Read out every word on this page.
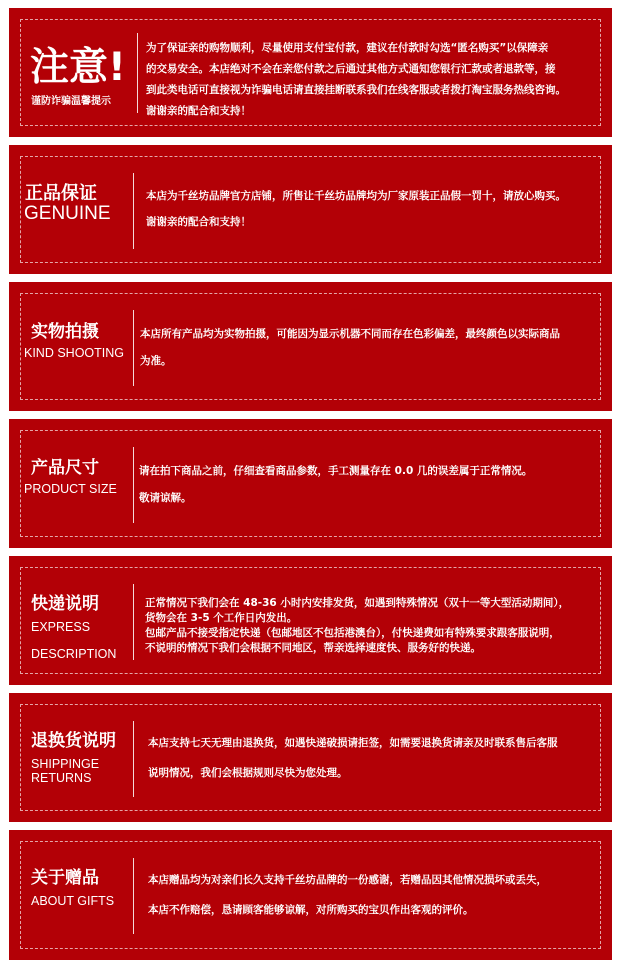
注意!
谨防诈骗温馨提示

为了保证亲的购物顺利，尽量使用支付宝付款，建议在付款时勾选“匿名购买”以保障亲

的交易安全。本店绝对不会在亲您付款之后通过其他方式通知您银行汇款或者退款等，接

到此类电话可直接视为诈骗电话请直接挂断联系我们在线客服或者拨打淘宝服务热线咨询。

谢谢亲的配合和支持！

正品保证
GENUINE

本店为千丝坊品牌官方店铺，所售让千丝坊品牌均为厂家原装正品假一罚十，请放心购买。

谢谢亲的配合和支持！

实物拍摄
KIND SHOOTING

本店所有产品均为实物拍摄，可能因为显示机器不同而存在色彩偏差，最终颜色以实际商品

为准。

产品尺寸
PRODUCT SIZE

请在拍下商品之前，仔细查看商品参数，手工测量存在 0.0 几的误差属于正常情况。

敬请谅解。

快递说明
EXPRESS
DESCRIPTION

正常情况下我们会在 48-36 小时内安排发货，如遇到特殊情况（双十一等大型活动期间），

货物会在 3-5 个工作日内发出。

包邮产品不接受指定快递（包邮地区不包括港澳台），付快递费如有特殊要求跟客服说明，

不说明的情况下我们会根据不同地区，帮亲选择速度快、服务好的快递。

退换货说明
SHIPPINGE
RETURNS

本店支持七天无理由退换货，如遇快递破损请拒签，如需要退换货请亲及时联系售后客服

说明情况，我们会根据规则尽快为您处理。

关于赠品
ABOUT GIFTS

本店赠品均为对亲们长久支持千丝坊品牌的一份感谢，若赠品因其他情况损坏或丢失，

本店不作赔偿，恳请顾客能够谅解，对所购买的宝贝作出客观的评价。
